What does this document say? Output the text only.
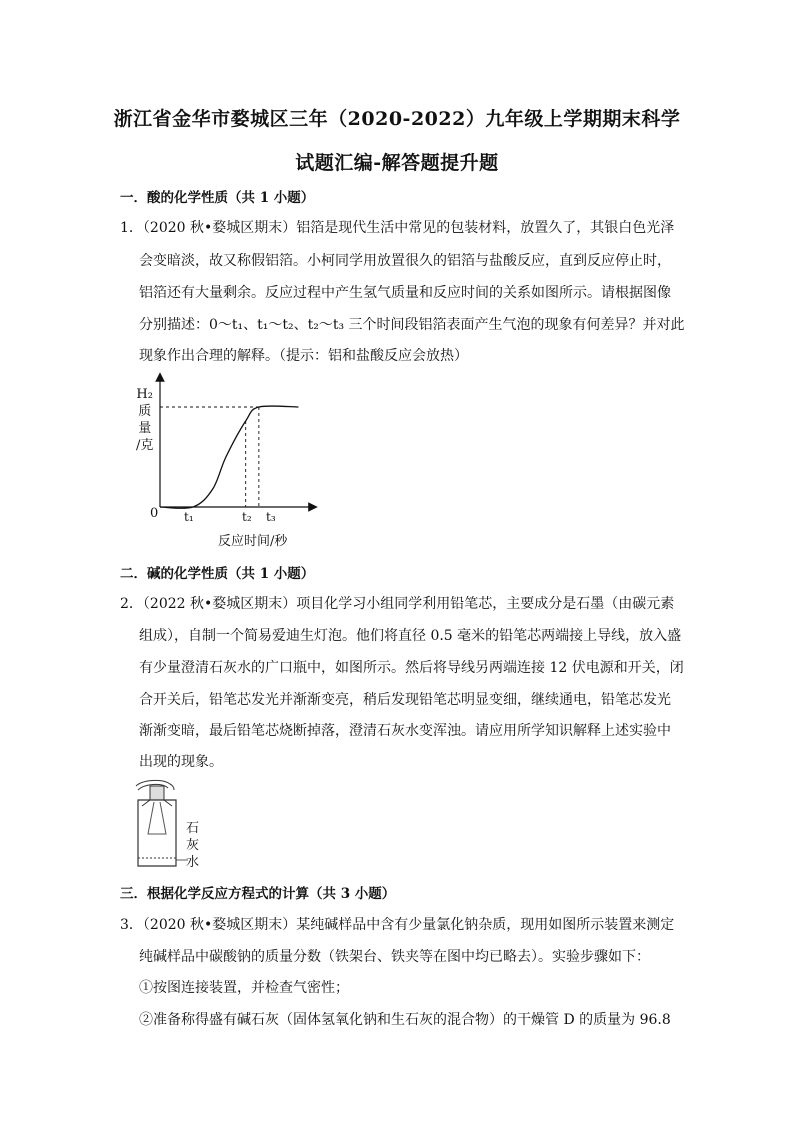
浙江省金华市婺城区三年（2020-2022）九年级上学期期末科学
试题汇编-解答题提升题
一．酸的化学性质（共 1 小题）
1．（2020 秋•婺城区期末）铝箔是现代生活中常见的包装材料，放置久了，其银白色光泽
会变暗淡，故又称假铝箔。小柯同学用放置很久的铝箔与盐酸反应，直到反应停止时，
铝箔还有大量剩余。反应过程中产生氢气质量和反应时间的关系如图所示。请根据图像
分别描述：0～t₁、t₁～t₂、t₂～t₃ 三个时间段铝箔表面产生气泡的现象有何差异？并对此
现象作出合理的解释。（提示：铝和盐酸反应会放热）
H₂
质
量
/克
0 t₁	t₂ t₃
反应时间/秒
二．碱的化学性质（共 1 小题）
2．（2022 秋•婺城区期末）项目化学习小组同学利用铅笔芯，主要成分是石墨（由碳元素
组成），自制一个简易爱迪生灯泡。他们将直径 0.5 毫米的铅笔芯两端接上导线，放入盛
有少量澄清石灰水的广口瓶中，如图所示。然后将导线另两端连接 12 伏电源和开关，闭
合开关后，铅笔芯发光并渐渐变亮，稍后发现铅笔芯明显变细，继续通电，铅笔芯发光
渐渐变暗，最后铅笔芯烧断掉落，澄清石灰水变浑浊。请应用所学知识解释上述实验中
出现的现象。
石
灰
水
三．根据化学反应方程式的计算（共 3 小题）
3．（2020 秋•婺城区期末）某纯碱样品中含有少量氯化钠杂质，现用如图所示装置来测定
纯碱样品中碳酸钠的质量分数（铁架台、铁夹等在图中均已略去）。实验步骤如下：
①按图连接装置，并检查气密性；
②准备称得盛有碱石灰（固体氢氧化钠和生石灰的混合物）的干燥管 D 的质量为 96.8
